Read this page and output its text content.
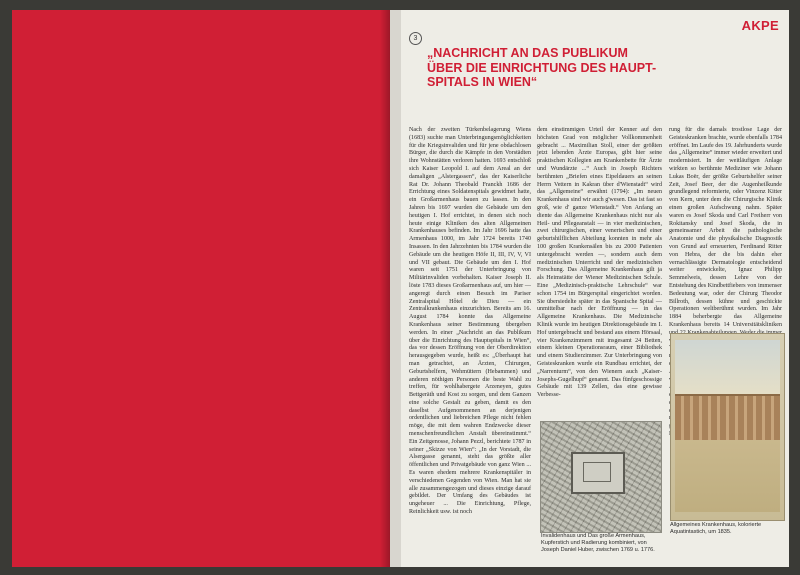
AKPE
3
„NACHRICHT AN DAS PUBLIKUM
ÜBER DIE EINRICHTUNG DES HAUPT-
SPITALS IN WIEN“
Nach der zweiten Türkenbelagerung Wiens (1683) suchte man Unterbringungsmöglichkeiten für die Kriegsinvaliden und für jene obdachlosen Bürger, die durch die Kämpfe in den Vorstädten ihre Wohnstätten verloren hatten. 1693 entschloß sich Kaiser Leopold I. auf dem Areal an der damaligen „Alstergassen“, das der Kaiserliche Rat Dr. Johann Theobald Franckh 1686 der Errichtung eines Soldatenspitals gewidmet hatte, ein Großarmenhaus bauen zu lassen. In den Jahren bis 1697 wurden die Gebäude um den heutigen I. Hof errichtet, in denen sich noch heute einige Kliniken des alten Allgemeinen Krankenhauses befinden. Im Jahr 1696 hatte das Armenhaus 1000, im Jahr 1724 bereits 1740 Insassen. In den Jahrzehnten bis 1784 wurden die Gebäude um die heutigen Höfe II, III, IV, V, VI und VII gebaut. Die Gebäude um den I. Hof waren seit 1751 der Unterbringung von Militärinvaliden vorbehalten. Kaiser Joseph II. löste 1783 dieses Großarmenhaus auf, um hier — angeregt durch einen Besuch im Pariser Zentralspital Hôtel de Dieu — ein Zentralkrankenhaus einzurichten. Bereits am 16. August 1784 konnte das Allgemeine Krankenhaus seiner Bestimmung übergeben werden. In einer „Nachricht an das Publikum über die Einrichtung des Hauptspitals in Wien“, das vor dessen Eröffnung von der Oberdirektion herausgegeben wurde, heißt es: „Überhaupt hat man getrachtet, an Ärzten, Chirurgen, Geburtshelfern, Wehmüttern (Hebammen) und anderen nöthigen Personen die beste Wahl zu treffen, für wohlhabergete Arzeneyen, gutes Bettgeräth und Kost zu sorgen, und dem Ganzen eine solche Gestalt zu geben, damit es den daselbst Aufgenommenen an derjenigen ordentlichen und liebreichen Pflege nicht fehlen möge, die mit dem wahren Endzwecke dieser menschenfreundlichen Anstalt übereinstimmt.“ Ein Zeitgenosse, Johann Pezzl, berichtete 1787 in seiner „Skizze von Wien“: „In der Vorstadt, die Alsergasse genannt, steht das größte aller öffentlichen und Privatgebäude von ganz Wien ... Es waren ehedem mehrere Krankenspitäler in verschiedenen Gegenden von Wien. Man hat sie alle zusammengezogen und dieses einzige darauf gebildet. Der Umfang des Gebäudes ist ungeheuer ... Die Einrichtung, Pflege, Reinlichkeit usw. ist noch
dem einstimmigen Urteil der Kenner auf den höchsten Grad von möglicher Vollkommenheit gebracht ... Maximilian Stoll, einer der größten jetzt lebenden Ärzte Europas, gibt hier seine praktischen Kollegien am Krankenbette für Ärzte und Wundärzte ...“ Auch in Joseph Richters berühmten „Briefen eines Eipeldauers an seinen Herrn Vettern in Kakran über d'Wienstadt“ wird das „Allgemeine“ erwähnt (1794): „Im neuen Krankenhaus sind wir auch g'wesen. Das ist fast so groß, wie d' ganze Wienstadt.“ Von Anfang an diente das Allgemeine Krankenhaus nicht nur als Heil- und Pflegeanstalt — in vier medizinischen, zwei chirurgischen, einer venerischen und einer geburtshilflichen Abteilung konnten in mehr als 100 großen Krankensälen bis zu 2000 Patienten untergebracht werden —, sondern auch dem medizinischen Unterricht und der medizinischen Forschung. Das Allgemeine Krankenhaus gilt ja als Heimstätte der Wiener Medizinischen Schule. Eine „Medizinisch-praktische Lehrschule“ war schon 1754 im Bürgerspital eingerichtet worden. Sie übersiedelte später in das Spanische Spital — unmittelbar nach der Eröffnung — in das Allgemeine Krankenhaus. Die Medizinische Klinik wurde im heutigen Direktionsgebäude im I. Hof untergebracht und bestand aus einem Hörsaal, vier Krankenzimmern mit insgesamt 24 Betten, einem kleinen Operationsraum, einer Bibliothek und einem Studierzimmer. Zur Unterbringung von Geisteskranken wurde ein Rundbau errichtet, der „Narrenturm“, von den Wienern auch „Kaiser-Josephs-Gugelhupf“ genannt. Das fünfgeschossige Gebäude mit 139 Zellen, das eine gewisse Verbesse-
rung für die damals trostlose Lage der Geisteskranken brachte, wurde ebenfalls 1784 eröffnet. Im Laufe des 19. Jahrhunderts wurde das „Allgemeine“ immer wieder erweitert und modernisiert. In der weitläufigen Anlage wirkten so berühmte Mediziner wie Johann Lukas Boër, der größte Geburtshelfer seiner Zeit, Josef Beer, der die Augenheilkunde grundlegend reformierte, oder Vinzenz Kitter von Kern, unter dem die Chirurgische Klinik einen großen Aufschwung nahm. Später waren es Josef Skoda und Carl Freiherr von Rokitansky und Josef Skoda, die in gemeinsamer Arbeit die pathologische Anatomie und die physikalische Diagnostik von Grund auf erneuerten, Ferdinand Ritter von Hebra, der die bis dahin eher vernachlässigte Dermatologie entscheidend weiter entwickelte, Ignaz Philipp Semmelweis, dessen Lehre von der Entstehung des Kindbettfiebers von immenser Bedeutung war, oder der Chirurg Theodor Billroth, dessen kühne und geschickte Operationen weltberühmt wurden. Im Jahr 1884 beherbergte das Allgemeine Krankenhaus bereits 14 Universitätskliniken
Invalidenhaus und Das große Armenhaus, Kupferstich und Radierung kombiniert, von Joseph Daniel Huber, zwischen 1769 u. 1776.
Allgemeines Krankenhaus, kolorierte Aquatintastich, um 1835.
